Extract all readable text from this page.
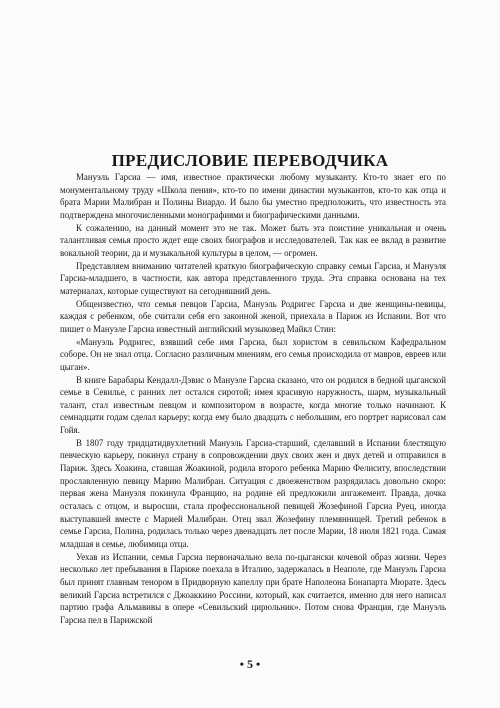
ПРЕДИСЛОВИЕ ПЕРЕВОДЧИКА

Мануэль Гарсиа — имя, известное практически любому музыканту. Кто-то знает его по монументальному труду «Школа пения», кто-то по имени династии музыкантов, кто-то как отца и брата Марии Малибран и Полины Виардо. И было бы уместно предположить, что известность эта подтверждена многочисленными монографиями и биографическими данными.

К сожалению, на данный момент это не так. Может быть эта поистине уникальная и очень талантливая семья просто ждет еще своих биографов и исследователей. Так как ее вклад в развитие вокальной теории, да и музыкальной культуры в целом, — огромен.

Представляем вниманию читателей краткую биографическую справку семьи Гарсиа, и Мануэля Гарсиа-младшего, в частности, как автора представленного труда. Эта справка основана на тех материалах, которые существуют на сегодняшний день.

Общеизвестно, что семья певцов Гарсиа, Мануэль Родригес Гарсиа и две женщины-певицы, каждая с ребенком, обе считали себя его законной женой, приехала в Париж из Испании. Вот что пишет о Мануэле Гарсиа известный английский музыковед Майкл Стин:

«Мануэль Родригес, взявший себе имя Гарсиа, был хористом в севильском Кафедральном соборе. Он не знал отца. Согласно различным мнениям, его семья происходила от мавров, евреев или цыган».

В книге Барабары Кендалл-Дэвис о Мануэле Гарсиа сказано, что он родился в бедной цыганской семье в Севилье, с ранних лет остался сиротой; имея красивую наружность, шарм, музыкальный талант, стал известным певцом и композитором в возрасте, когда многие только начинают. К семнадцати годам сделал карьеру; когда ему было двадцать с небольшим, его портрет нарисовал сам Гойя.

В 1807 году тридцатидвухлетний Мануэль Гарсиа-старший, сделавший в Испании блестящую певческую карьеру, покинул страну в сопровождении двух своих жен и двух детей и отправился в Париж. Здесь Хоакина, ставшая Жоакиной, родила второго ребенка Марию Фелиситу, впоследствии прославленную певицу Марию Малибран. Ситуация с двоеженством разрядилась довольно скоро: первая жена Мануэля покинула Францию, на родине ей предложили ангажемент. Правда, дочка осталась с отцом, и выросши, стала профессиональной певицей Жозефиной Гарсиа Руец, иногда выступавшей вместе с Марией Малибран. Отец звал Жозефину племянницей. Третий ребенок в семье Гарсиа, Полина, родилась только через двенадцать лет после Марии, 18 июля 1821 года. Самая младшая в семье, любимица отца.

Уехав из Испании, семья Гарсиа первоначально вела по-цыгански кочевой образ жизни. Через несколько лет пребывания в Париже поехала в Италию, задержалась в Неаполе, где Мануэль Гарсиа был принят главным тенором в Придворную капеллу при брате Наполеона Бонапарта Мюрате. Здесь великий Гарсиа встретился с Джоаккино Россини, который, как считается, именно для него написал партию графа Альмавивы в опере «Севильский цирюльник». Потом снова Франция, где Мануэль Гарсиа пел в Парижской

• 5 •
